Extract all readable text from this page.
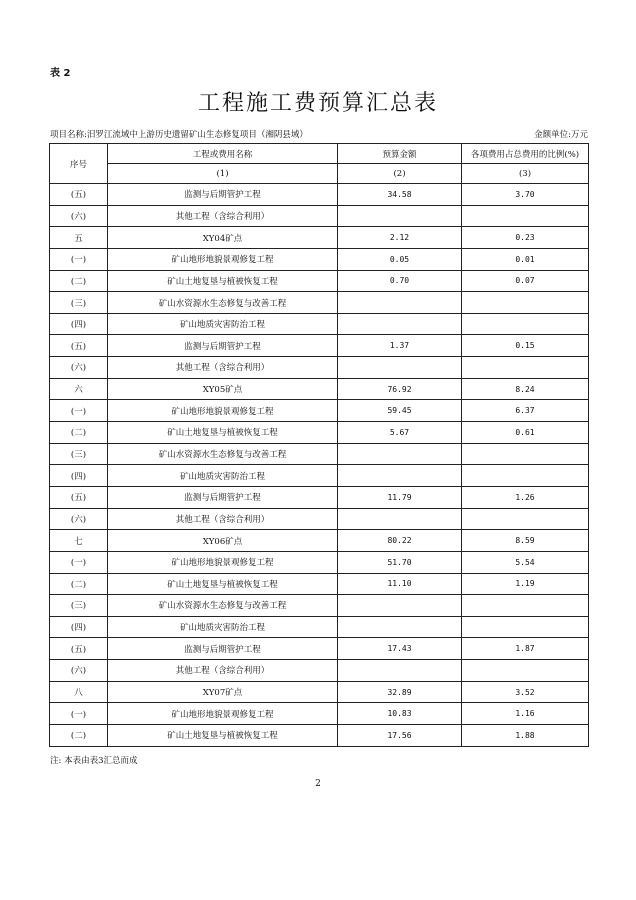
表 2
工程施工费预算汇总表
项目名称:汨罗江流域中上游历史遗留矿山生态修复项目（湘阴县域）	金额单位:万元
序号	工程或费用名称	预算金额	各项费用占总费用的比例(%)
	(1)	(2)	(3)
(五)	监测与后期管护工程	34.58	3.70
(六)	其他工程（含综合利用）		
五	XY04矿点	2.12	0.23
(一)	矿山地形地貌景观修复工程	0.05	0.01
(二)	矿山土地复垦与植被恢复工程	0.70	0.07
(三)	矿山水资源水生态修复与改善工程		
(四)	矿山地质灾害防治工程		
(五)	监测与后期管护工程	1.37	0.15
(六)	其他工程（含综合利用）		
六	XY05矿点	76.92	8.24
(一)	矿山地形地貌景观修复工程	59.45	6.37
(二)	矿山土地复垦与植被恢复工程	5.67	0.61
(三)	矿山水资源水生态修复与改善工程		
(四)	矿山地质灾害防治工程		
(五)	监测与后期管护工程	11.79	1.26
(六)	其他工程（含综合利用）		
七	XY06矿点	80.22	8.59
(一)	矿山地形地貌景观修复工程	51.70	5.54
(二)	矿山土地复垦与植被恢复工程	11.10	1.19
(三)	矿山水资源水生态修复与改善工程		
(四)	矿山地质灾害防治工程		
(五)	监测与后期管护工程	17.43	1.87
(六)	其他工程（含综合利用）		
八	XY07矿点	32.89	3.52
(一)	矿山地形地貌景观修复工程	10.83	1.16
(二)	矿山土地复垦与植被恢复工程	17.56	1.88
注: 本表由表3汇总而成
2
